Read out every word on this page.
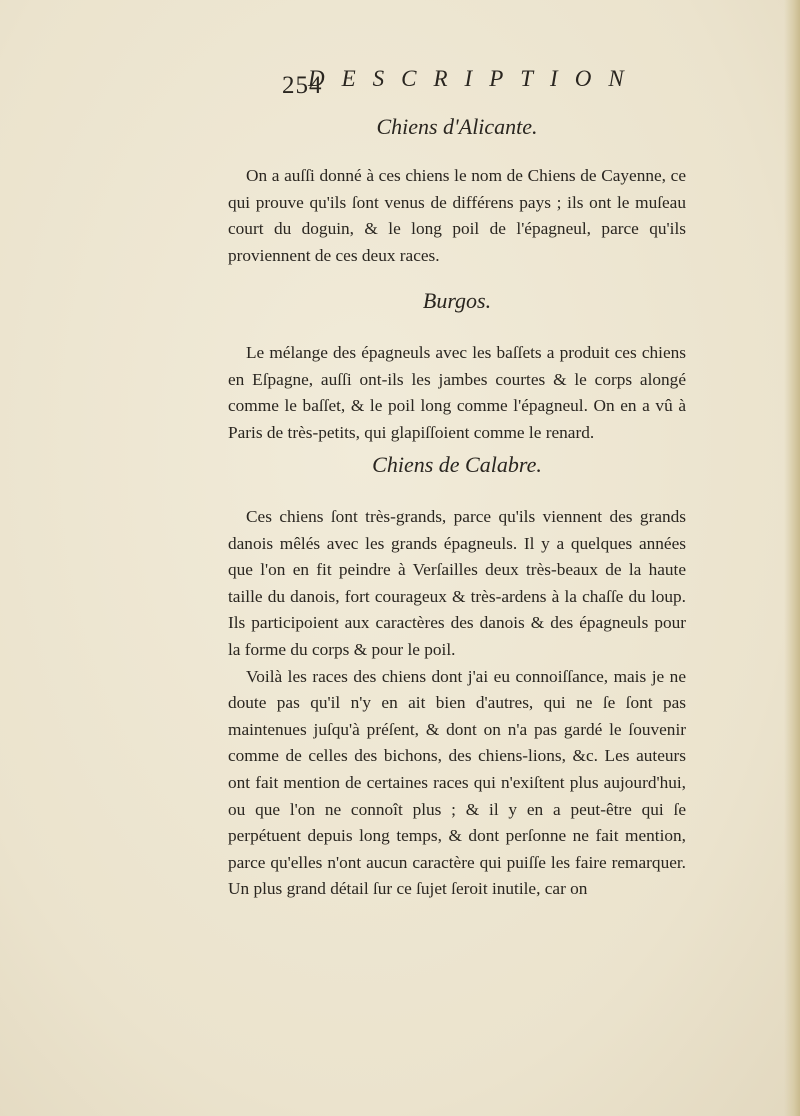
254
DESCRIPTION
Chiens d'Alicante.

On a auſſi donné à ces chiens le nom de Chiens de Cayenne, ce qui prouve qu'ils ſont venus de différens pays ; ils ont le muſeau court du doguin, & le long poil de l'épagneul, parce qu'ils proviennent de ces deux races.

Burgos.

Le mélange des épagneuls avec les baſſets a produit ces chiens en Eſpagne, auſſi ont-ils les jambes courtes & le corps alongé comme le baſſet, & le poil long comme l'épagneul. On en a vû à Paris de très-petits, qui glapiſſoient comme le renard.

Chiens de Calabre.

Ces chiens ſont très-grands, parce qu'ils viennent des grands danois mêlés avec les grands épagneuls. Il y a quelques années que l'on en fit peindre à Verſailles deux très-beaux de la haute taille du danois, fort courageux & très-ardens à la chaſſe du loup. Ils participoient aux caractères des danois & des épagneuls pour la forme du corps & pour le poil.

Voilà les races des chiens dont j'ai eu connoiſſance, mais je ne doute pas qu'il n'y en ait bien d'autres, qui ne ſe ſont pas maintenues juſqu'à préſent, & dont on n'a pas gardé le ſouvenir comme de celles des bichons, des chiens-lions, &c. Les auteurs ont fait mention de certaines races qui n'exiſtent plus aujourd'hui, ou que l'on ne connoît plus ; & il y en a peut-être qui ſe perpétuent depuis long temps, & dont perſonne ne fait mention, parce qu'elles n'ont aucun caractère qui puiſſe les faire remarquer. Un plus grand détail ſur ce ſujet ſeroit inutile, car on
